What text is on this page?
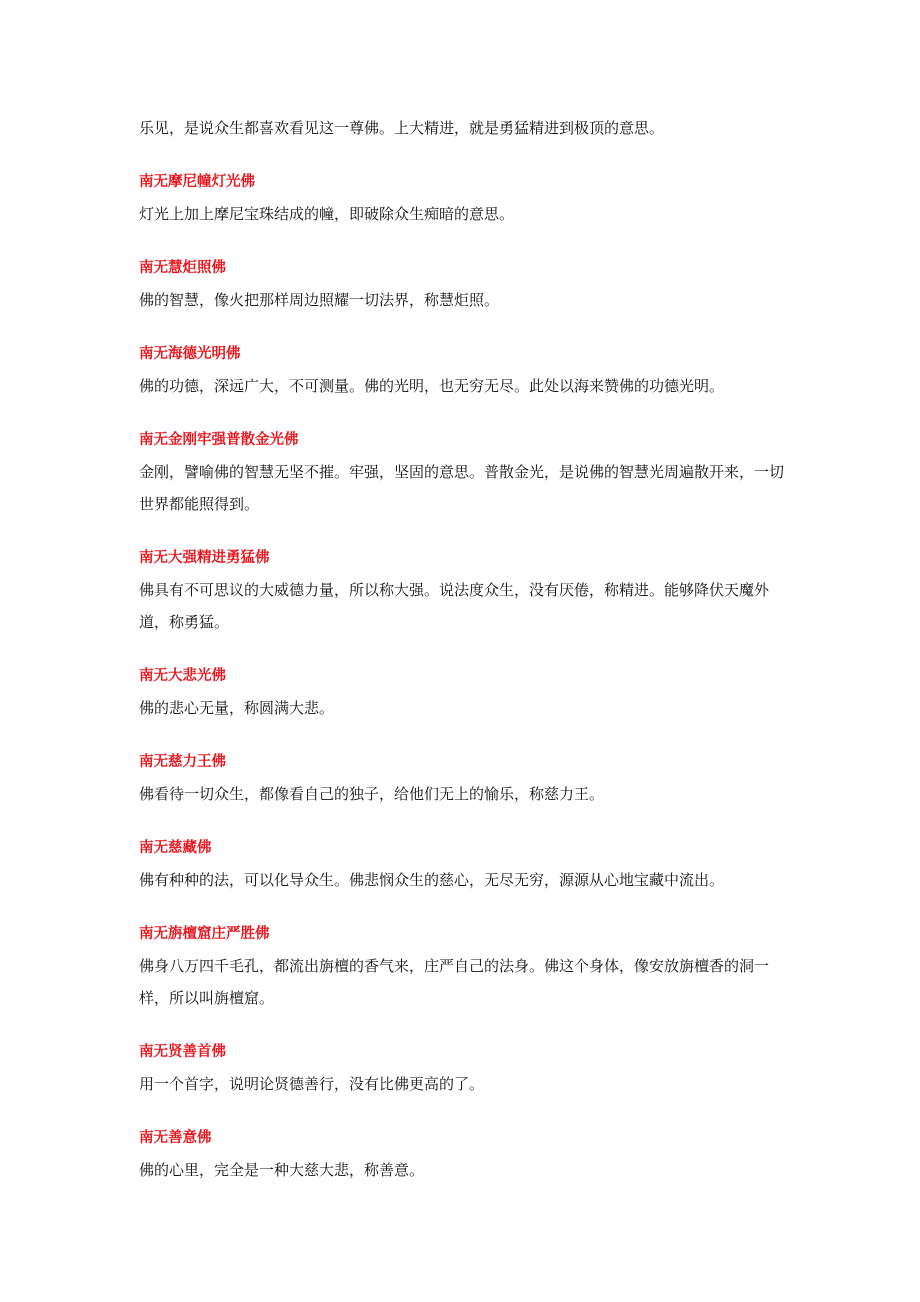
乐见，是说众生都喜欢看见这一尊佛。上大精进，就是勇猛精进到极顶的意思。

南无摩尼幢灯光佛

灯光上加上摩尼宝珠结成的幢，即破除众生痴暗的意思。

南无慧炬照佛

佛的智慧，像火把那样周边照耀一切法界，称慧炬照。

南无海德光明佛

佛的功德，深远广大，不可测量。佛的光明，也无穷无尽。此处以海来赞佛的功德光明。

南无金刚牢强普散金光佛

金刚，譬喻佛的智慧无坚不摧。牢强，坚固的意思。普散金光，是说佛的智慧光周遍散开来，一切世界都能照得到。

南无大强精进勇猛佛

佛具有不可思议的大威德力量，所以称大强。说法度众生，没有厌倦，称精进。能够降伏天魔外道，称勇猛。

南无大悲光佛

佛的悲心无量，称圆满大悲。

南无慈力王佛

佛看待一切众生，都像看自己的独子，给他们无上的愉乐，称慈力王。

南无慈藏佛

佛有种种的法，可以化导众生。佛悲悯众生的慈心，无尽无穷，源源从心地宝藏中流出。

南无旃檀窟庄严胜佛

佛身八万四千毛孔，都流出旃檀的香气来，庄严自己的法身。佛这个身体，像安放旃檀香的洞一样，所以叫旃檀窟。

南无贤善首佛

用一个首字，说明论贤德善行，没有比佛更高的了。

南无善意佛

佛的心里，完全是一种大慈大悲，称善意。
